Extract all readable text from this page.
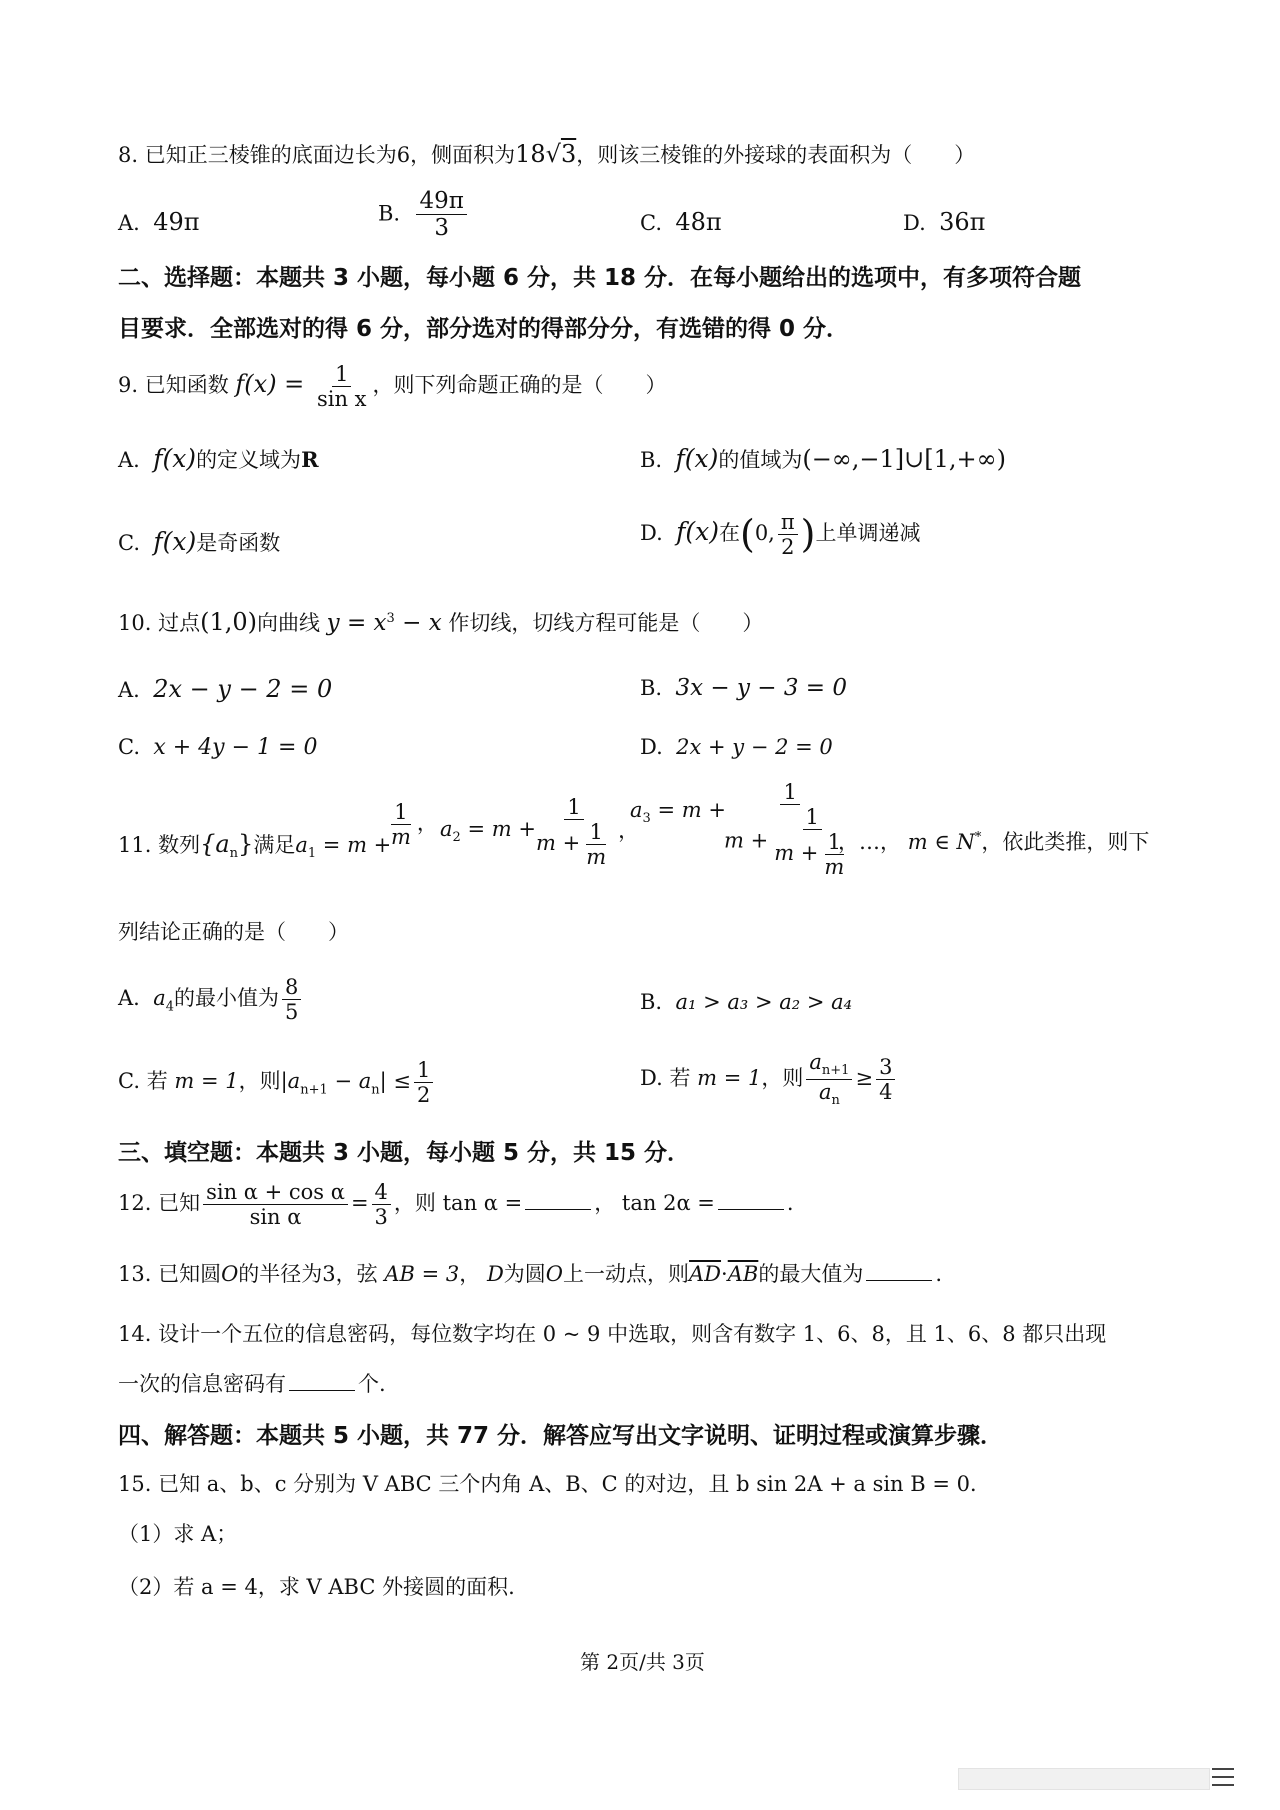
8. 已知正三棱锥的底面边长为6，侧面积为18√3，则该三棱锥的外接球的表面积为（　　）
A. 49π	B. $\frac{49\pi}{3}$	C. 48π	D. 36π
二、选择题：本题共 3 小题，每小题 6 分，共 18 分．在每小题给出的选项中，有多项符合题
目要求．全部选对的得 6 分，部分选对的得部分分，有选错的得 0 分．
9. 已知函数 $f(x) = \frac{1}{\text{sin x}}$ ，则下列命题正确的是（　　）
A. f(x)的定义域为R	B. f(x)的值域为(−∞,−1]∪[1,+∞)
C. f(x)是奇函数	D. f(x)在(0, $\frac{\pi}{2}$ )上单调递减
10. 过点(1,0)向曲线 $y = x^3 - x$ 作切线，切线方程可能是（　　）
A. 2x − y − 2 = 0	B. 3x − y − 3 = 0
C. x + 4y − 1 = 0	D. 2x + y − 2 = 0
11. 数列$\{a_n\}$满足$a_1 = m$ +
$\frac{1}{m}$ ， $a_2 = m$ +
$\frac{1}{m + \frac{1}{m}}$ ，
$a_3 = m$ +
$\frac{1}{m + \frac{1}{m + \frac{1}{m}}}$
，…， m ∈ N*，依此类推，则下
列结论正确的是（　　）
A. $a_4$的最小值为 $\frac{8}{5}$	B. a₁ > a₃ > a₂ > a₄
C. 若 m = 1，则$|a_{n+1} - a_n| \le \frac{1}{2}$	D. 若 m = 1，则 $\frac{a_{n+1}}{a_n} \ge \frac{3}{4}$
三、填空题：本题共 3 小题，每小题 5 分，共 15 分．
12. 已知 $\frac{\text{sin α + cos α}}{\text{sin α}} = \frac{4}{3}$ ，则 tan α =	， tan 2α =	.
13. 已知圆O的半径为3，弦 AB = 3， D为圆O上一动点，则$\overline{AD}\cdot\overline{AB}$的最大值为	.
14. 设计一个五位的信息密码，每位数字均在 0 ~ 9 中选取，则含有数字 1、6、8，且 1、6、8 都只出现
一次的信息密码有	个.
四、解答题：本题共 5 小题，共 77 分．解答应写出文字说明、证明过程或演算步骤．
15. 已知 a、b、c 分别为 V ABC 三个内角 A、B、C 的对边，且 b sin 2A + a sin B = 0．
（1）求 A；
（2）若 a = 4，求 V ABC 外接圆的面积.
第 2页/共 3页
